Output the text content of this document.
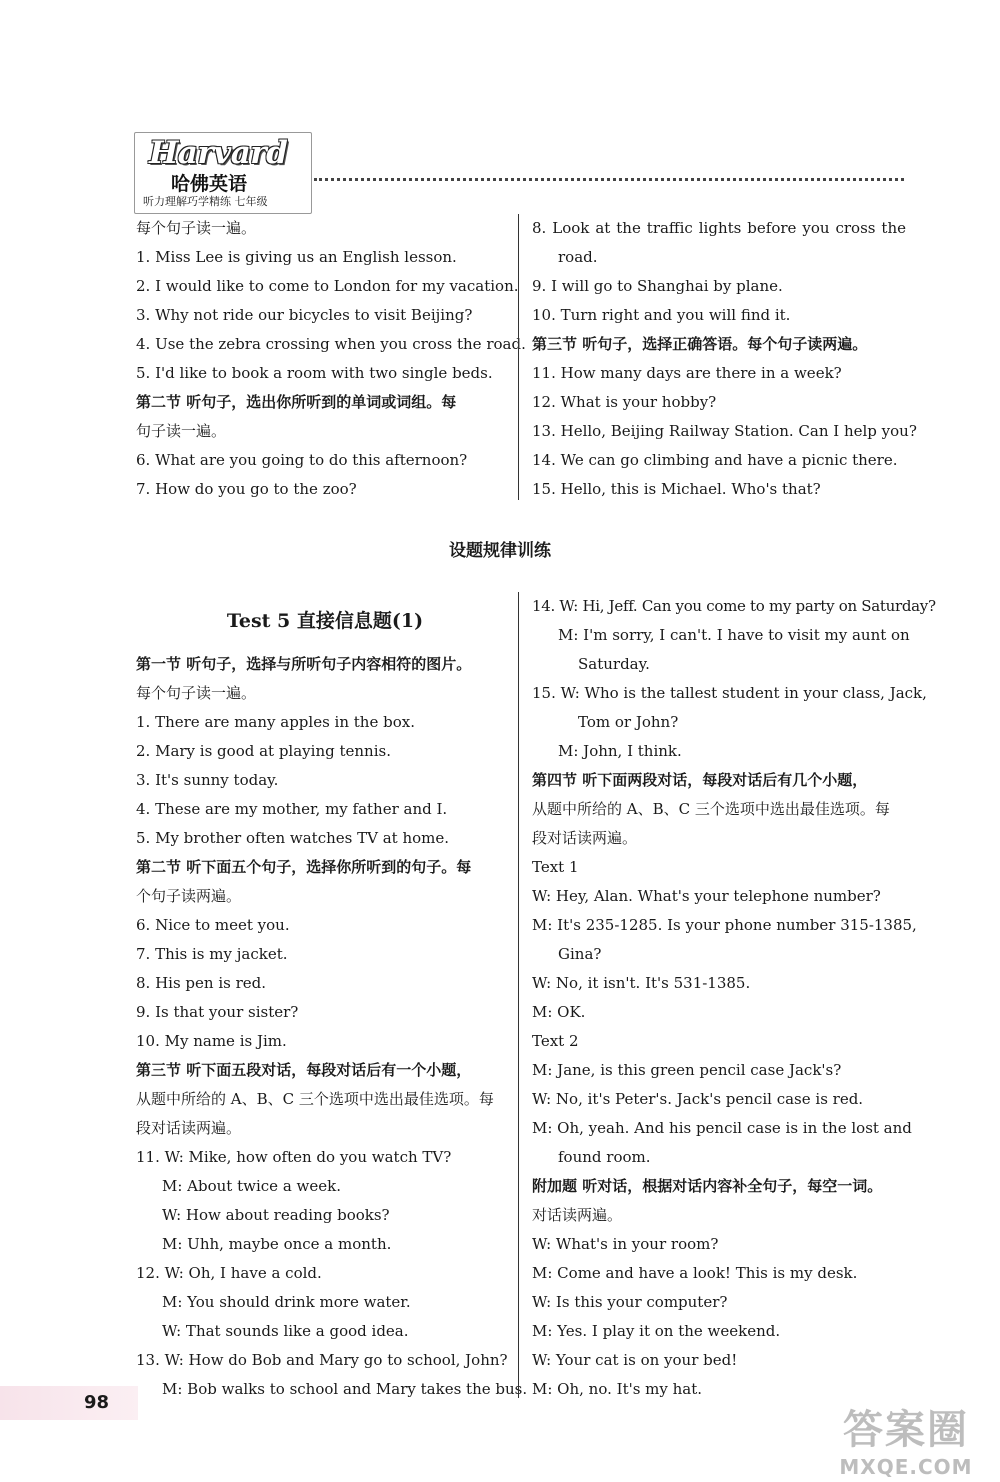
Harvard
哈佛英语
听力理解巧学精练 七年级
每个句子读一遍。
1. Miss Lee is giving us an English lesson.
2. I would like to come to London for my vacation.
3. Why not ride our bicycles to visit Beijing?
4. Use the zebra crossing when you cross the road.
5. I'd like to book a room with two single beds.
第二节 听句子，选出你所听到的单词或词组。每
句子读一遍。
6. What are you going to do this afternoon?
7. How do you go to the zoo?
8. Look at the traffic lights before you cross the
road.
9. I will go to Shanghai by plane.
10. Turn right and you will find it.
第三节 听句子，选择正确答语。每个句子读两遍。
11. How many days are there in a week?
12. What is your hobby?
13. Hello, Beijing Railway Station. Can I help you?
14. We can go climbing and have a picnic there.
15. Hello, this is Michael. Who's that?
设题规律训练
Test 5 直接信息题(1)
第一节 听句子，选择与所听句子内容相符的图片。
每个句子读一遍。
1. There are many apples in the box.
2. Mary is good at playing tennis.
3. It's sunny today.
4. These are my mother, my father and I.
5. My brother often watches TV at home.
第二节 听下面五个句子，选择你所听到的句子。每
个句子读两遍。
6. Nice to meet you.
7. This is my jacket.
8. His pen is red.
9. Is that your sister?
10. My name is Jim.
第三节 听下面五段对话，每段对话后有一个小题，
从题中所给的 A、B、C 三个选项中选出最佳选项。每
段对话读两遍。
11. W: Mike, how often do you watch TV?
M: About twice a week.
W: How about reading books?
M: Uhh, maybe once a month.
12. W: Oh, I have a cold.
M: You should drink more water.
W: That sounds like a good idea.
13. W: How do Bob and Mary go to school, John?
M: Bob walks to school and Mary takes the bus.
14. W: Hi, Jeff. Can you come to my party on Saturday?
M: I'm sorry, I can't. I have to visit my aunt on
Saturday.
15. W: Who is the tallest student in your class, Jack,
Tom or John?
M: John, I think.
第四节 听下面两段对话，每段对话后有几个小题，
从题中所给的 A、B、C 三个选项中选出最佳选项。每
段对话读两遍。
Text 1
W: Hey, Alan. What's your telephone number?
M: It's 235-1285. Is your phone number 315-1385,
Gina?
W: No, it isn't. It's 531-1385.
M: OK.
Text 2
M: Jane, is this green pencil case Jack's?
W: No, it's Peter's. Jack's pencil case is red.
M: Oh, yeah. And his pencil case is in the lost and
found room.
附加题 听对话，根据对话内容补全句子，每空一词。
对话读两遍。
W: What's in your room?
M: Come and have a look! This is my desk.
W: Is this your computer?
M: Yes. I play it on the weekend.
W: Your cat is on your bed!
M: Oh, no. It's my hat.
98
答案圈
MXQE.COM
